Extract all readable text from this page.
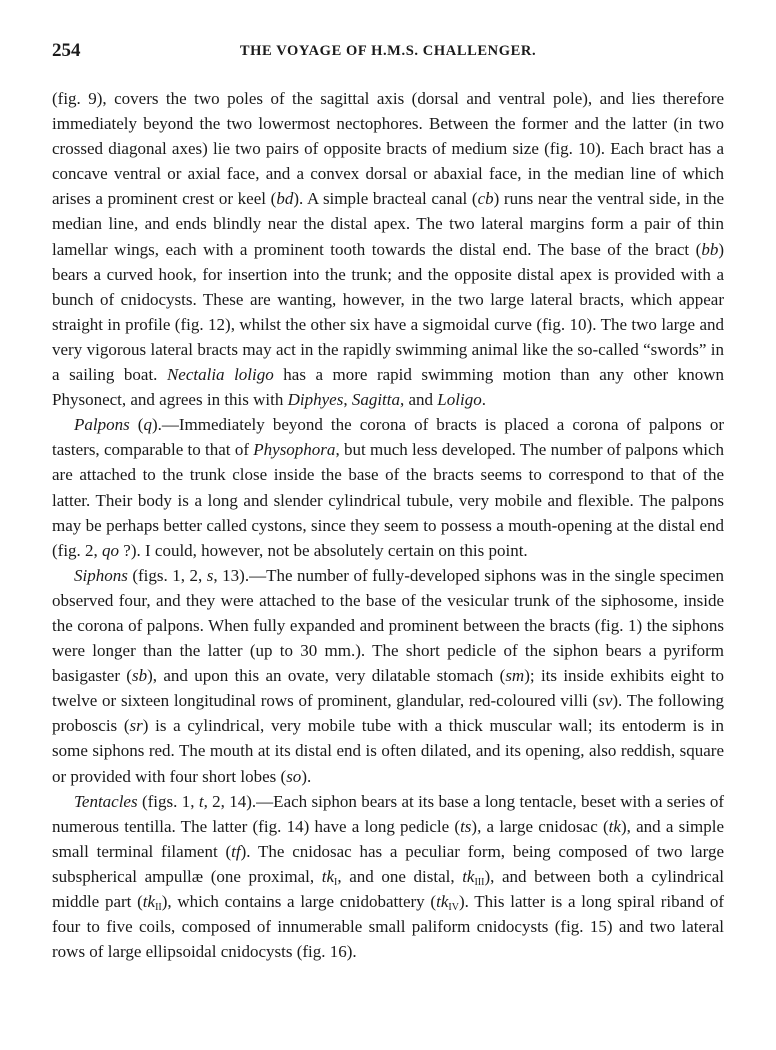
254	THE VOYAGE OF H.M.S. CHALLENGER.

(fig. 9), covers the two poles of the sagittal axis (dorsal and ventral pole), and lies therefore immediately beyond the two lowermost nectophores. Between the former and the latter (in two crossed diagonal axes) lie two pairs of opposite bracts of medium size (fig. 10). Each bract has a concave ventral or axial face, and a convex dorsal or abaxial face, in the median line of which arises a prominent crest or keel (bd). A simple bracteal canal (cb) runs near the ventral side, in the median line, and ends blindly near the distal apex. The two lateral margins form a pair of thin lamellar wings, each with a prominent tooth towards the distal end. The base of the bract (bb) bears a curved hook, for insertion into the trunk; and the opposite distal apex is provided with a bunch of cnidocysts. These are wanting, however, in the two large lateral bracts, which appear straight in profile (fig. 12), whilst the other six have a sigmoidal curve (fig. 10). The two large and very vigorous lateral bracts may act in the rapidly swimming animal like the so-called “swords” in a sailing boat. Nectalia loligo has a more rapid swimming motion than any other known Physonect, and agrees in this with Diphyes, Sagitta, and Loligo.

Palpons (q).—Immediately beyond the corona of bracts is placed a corona of palpons or tasters, comparable to that of Physophora, but much less developed. The number of palpons which are attached to the trunk close inside the base of the bracts seems to correspond to that of the latter. Their body is a long and slender cylindrical tubule, very mobile and flexible. The palpons may be perhaps better called cystons, since they seem to possess a mouth-opening at the distal end (fig. 2, qo ?). I could, however, not be absolutely certain on this point.

Siphons (figs. 1, 2, s, 13).—The number of fully-developed siphons was in the single specimen observed four, and they were attached to the base of the vesicular trunk of the siphosome, inside the corona of palpons. When fully expanded and prominent between the bracts (fig. 1) the siphons were longer than the latter (up to 30 mm.). The short pedicle of the siphon bears a pyriform basigaster (sb), and upon this an ovate, very dilatable stomach (sm); its inside exhibits eight to twelve or sixteen longitudinal rows of prominent, glandular, red-coloured villi (sv). The following proboscis (sr) is a cylindrical, very mobile tube with a thick muscular wall; its entoderm is in some siphons red. The mouth at its distal end is often dilated, and its opening, also reddish, square or provided with four short lobes (so).

Tentacles (figs. 1, t, 2, 14).—Each siphon bears at its base a long tentacle, beset with a series of numerous tentilla. The latter (fig. 14) have a long pedicle (ts), a large cnidosac (tk), and a simple small terminal filament (tf). The cnidosac has a peculiar form, being composed of two large subspherical ampullæ (one proximal, $tk_I$, and one distal, $tk_{III}$), and between both a cylindrical middle part $(tk_{II})$, which contains a large cnidobattery $(tk_{IV})$. This latter is a long spiral riband of four to five coils, composed of innumerable small paliform cnidocysts (fig. 15) and two lateral rows of large ellipsoidal cnidocysts (fig. 16).
